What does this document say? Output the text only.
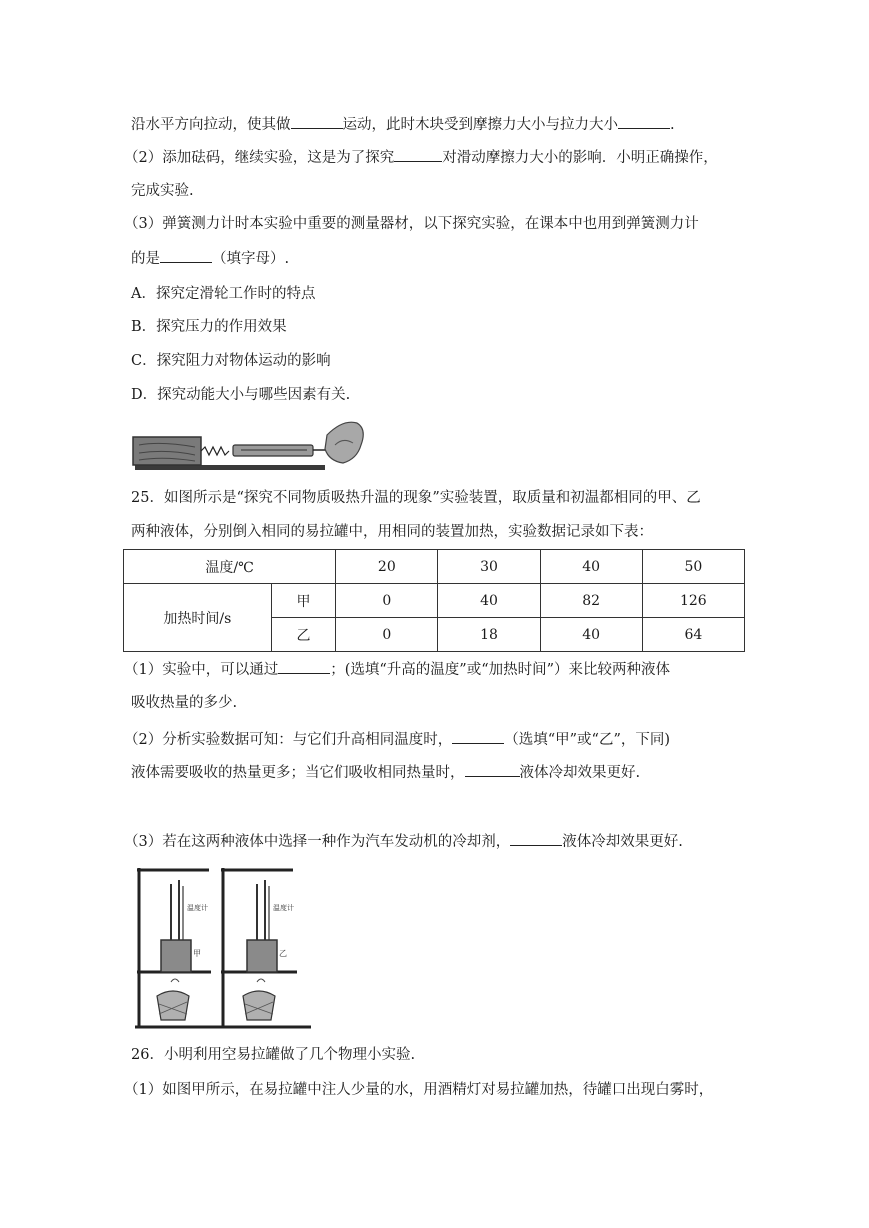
沿水平方向拉动，使其做	运动，此时木块受到摩擦力大小与拉力大小	.
（2）添加砝码，继续实验，这是为了探究	对滑动摩擦力大小的影响．小明正确操作，
完成实验.
（3）弹簧测力计时本实验中重要的测量器材，以下探究实验，在课本中也用到弹簧测力计
的是	（填字母）.
A．探究定滑轮工作时的特点
B．探究压力的作用效果
C．探究阻力对物体运动的影响
D．探究动能大小与哪些因素有关.
25．如图所示是“探究不同物质吸热升温的现象”实验装置，取质量和初温都相同的甲、乙
两种液体，分别倒入相同的易拉罐中，用相同的装置加热，实验数据记录如下表：
温度/℃		20	30	40	50
加热时间/s	甲	0	40	82	126
	乙	0	18	40	64
（1）实验中，可以通过	；(选填“升高的温度”或“加热时间”）来比较两种液体
吸收热量的多少.
（2）分析实验数据可知：与它们升高相同温度时，	（选填“甲”或“乙”，下同)
液体需要吸收的热量更多；当它们吸收相同热量时，	液体冷却效果更好.
（3）若在这两种液体中选择一种作为汽车发动机的冷却剂，	液体冷却效果更好.
温度计
甲
温度计
乙
26．小明利用空易拉罐做了几个物理小实验.
（1）如图甲所示，在易拉罐中注人少量的水，用酒精灯对易拉罐加热，待罐口出现白雾时，
